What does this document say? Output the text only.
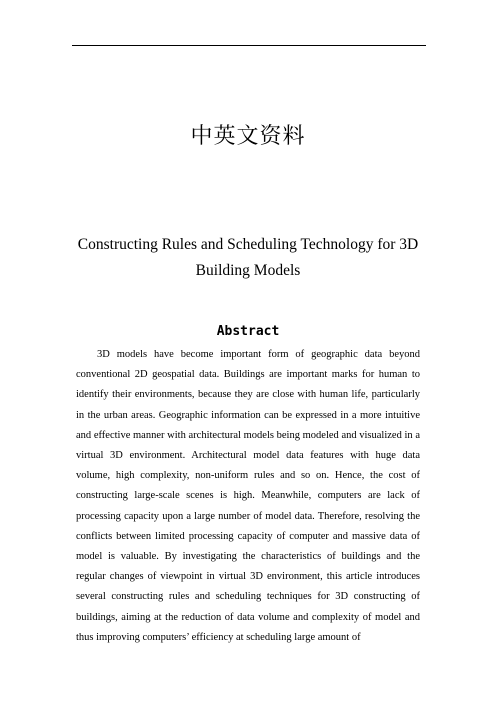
中英文资料
Constructing Rules and Scheduling Technology for 3D
Building Models
Abstract

3D models have become important form of geographic data beyond conventional 2D geospatial data. Buildings are important marks for human to identify their environments, because they are close with human life, particularly in the urban areas. Geographic information can be expressed in a more intuitive and effective manner with architectural models being modeled and visualized in a virtual 3D environment. Architectural model data features with huge data volume, high complexity, non-uniform rules and so on. Hence, the cost of constructing large-scale scenes is high. Meanwhile, computers are lack of processing capacity upon a large number of model data. Therefore, resolving the conflicts between limited processing capacity of computer and massive data of model is valuable. By investigating the characteristics of buildings and the regular changes of viewpoint in virtual 3D environment, this article introduces several constructing rules and scheduling techniques for 3D constructing of buildings, aiming at the reduction of data volume and complexity of model and thus improving computers’ efficiency at scheduling large amount of
